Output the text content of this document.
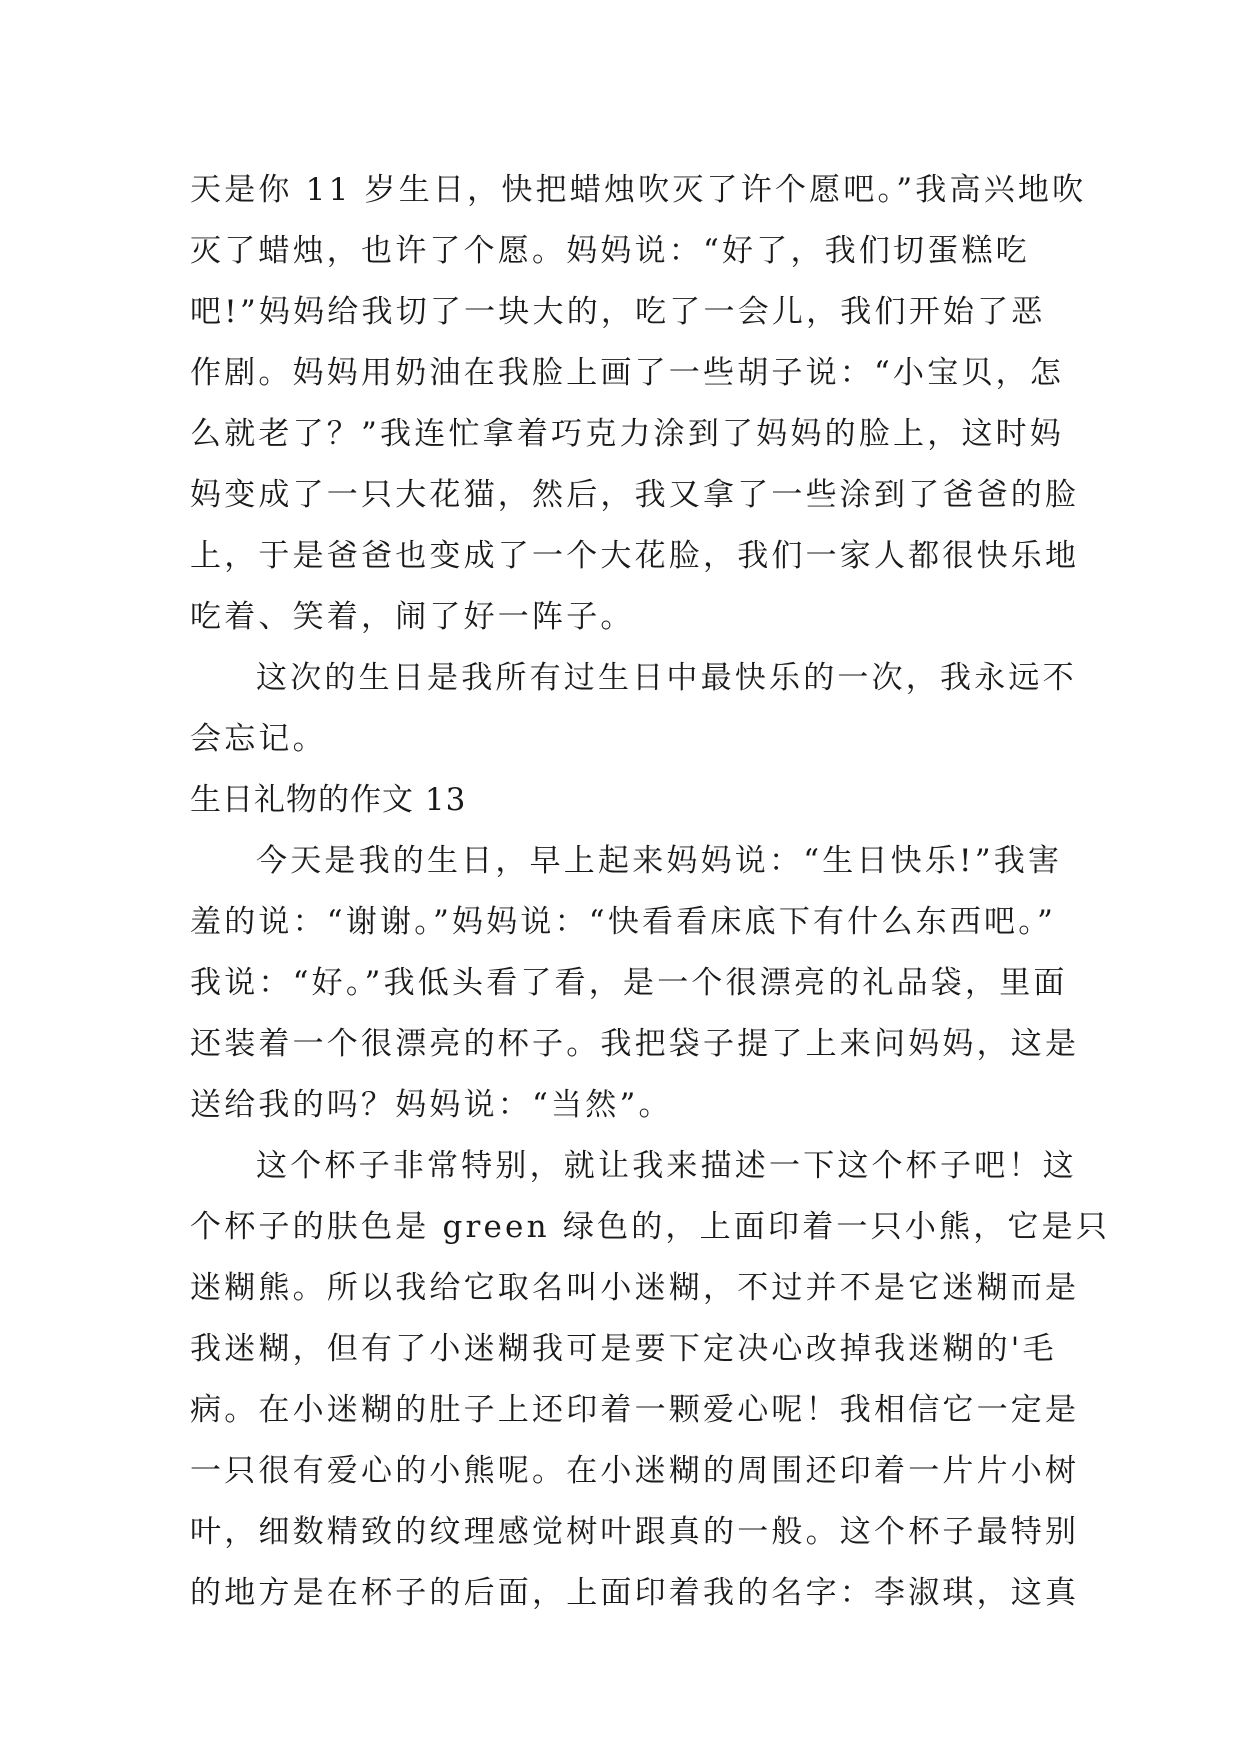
天是你 11 岁生日，快把蜡烛吹灭了许个愿吧。”我高兴地吹
灭了蜡烛，也许了个愿。妈妈说：“好了，我们切蛋糕吃
吧!”妈妈给我切了一块大的，吃了一会儿，我们开始了恶
作剧。妈妈用奶油在我脸上画了一些胡子说：“小宝贝，怎
么就老了？”我连忙拿着巧克力涂到了妈妈的脸上，这时妈
妈变成了一只大花猫，然后，我又拿了一些涂到了爸爸的脸
上，于是爸爸也变成了一个大花脸，我们一家人都很快乐地
吃着、笑着，闹了好一阵子。
这次的生日是我所有过生日中最快乐的一次，我永远不
会忘记。
生日礼物的作文 13
今天是我的生日，早上起来妈妈说：“生日快乐!”我害
羞的说：“谢谢。”妈妈说：“快看看床底下有什么东西吧。”
我说：“好。”我低头看了看，是一个很漂亮的礼品袋，里面
还装着一个很漂亮的杯子。我把袋子提了上来问妈妈，这是
送给我的吗？妈妈说：“当然”。
这个杯子非常特别，就让我来描述一下这个杯子吧！这
个杯子的肤色是 green 绿色的，上面印着一只小熊，它是只
迷糊熊。所以我给它取名叫小迷糊，不过并不是它迷糊而是
我迷糊，但有了小迷糊我可是要下定决心改掉我迷糊的'毛
病。在小迷糊的肚子上还印着一颗爱心呢！我相信它一定是
一只很有爱心的小熊呢。在小迷糊的周围还印着一片片小树
叶，细数精致的纹理感觉树叶跟真的一般。这个杯子最特别
的地方是在杯子的后面，上面印着我的名字：李淑琪，这真
